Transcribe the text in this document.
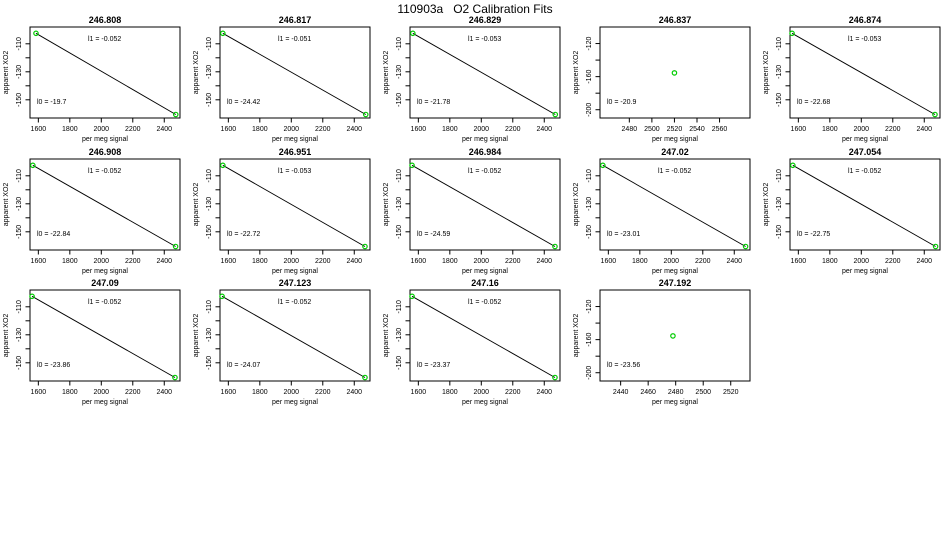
110903a   O2 Calibration Fits
246.808
1600 1800 2000 2200 2400
-110
-130
-150
apparent XO2
per meg signal
l1 = -0.052
l0 = -19.7
246.817
1600 1800 2000 2200 2400
-110
-130
-150
apparent XO2
per meg signal
l1 = -0.051
l0 = -24.42
246.829
1600 1800 2000 2200 2400
-110
-130
-150
apparent XO2
per meg signal
l1 = -0.053
l0 = -21.78
246.837
2480 2500 2520 2540 2560
-120
-160
-200
apparent XO2
per meg signal
l0 = -20.9
246.874
1600 1800 2000 2200 2400
-110
-130
-150
apparent XO2
per meg signal
l1 = -0.053
l0 = -22.68
246.908
1600 1800 2000 2200 2400
-110
-130
-150
apparent XO2
per meg signal
l1 = -0.052
l0 = -22.84
246.951
1600 1800 2000 2200 2400
-110
-130
-150
apparent XO2
per meg signal
l1 = -0.053
l0 = -22.72
246.984
1600 1800 2000 2200 2400
-110
-130
-150
apparent XO2
per meg signal
l1 = -0.052
l0 = -24.59
247.02
1600 1800 2000 2200 2400
-110
-130
-150
apparent XO2
per meg signal
l1 = -0.052
l0 = -23.01
247.054
1600 1800 2000 2200 2400
-110
-130
-150
apparent XO2
per meg signal
l1 = -0.052
l0 = -22.75
247.09
1600 1800 2000 2200 2400
-110
-130
-150
apparent XO2
per meg signal
l1 = -0.052
l0 = -23.86
247.123
1600 1800 2000 2200 2400
-110
-130
-150
apparent XO2
per meg signal
l1 = -0.052
l0 = -24.07
247.16
1600 1800 2000 2200 2400
-110
-130
-150
apparent XO2
per meg signal
l1 = -0.052
l0 = -23.37
247.192
2440 2460 2480 2500 2520
-120
-160
-200
apparent XO2
per meg signal
l0 = -23.56
